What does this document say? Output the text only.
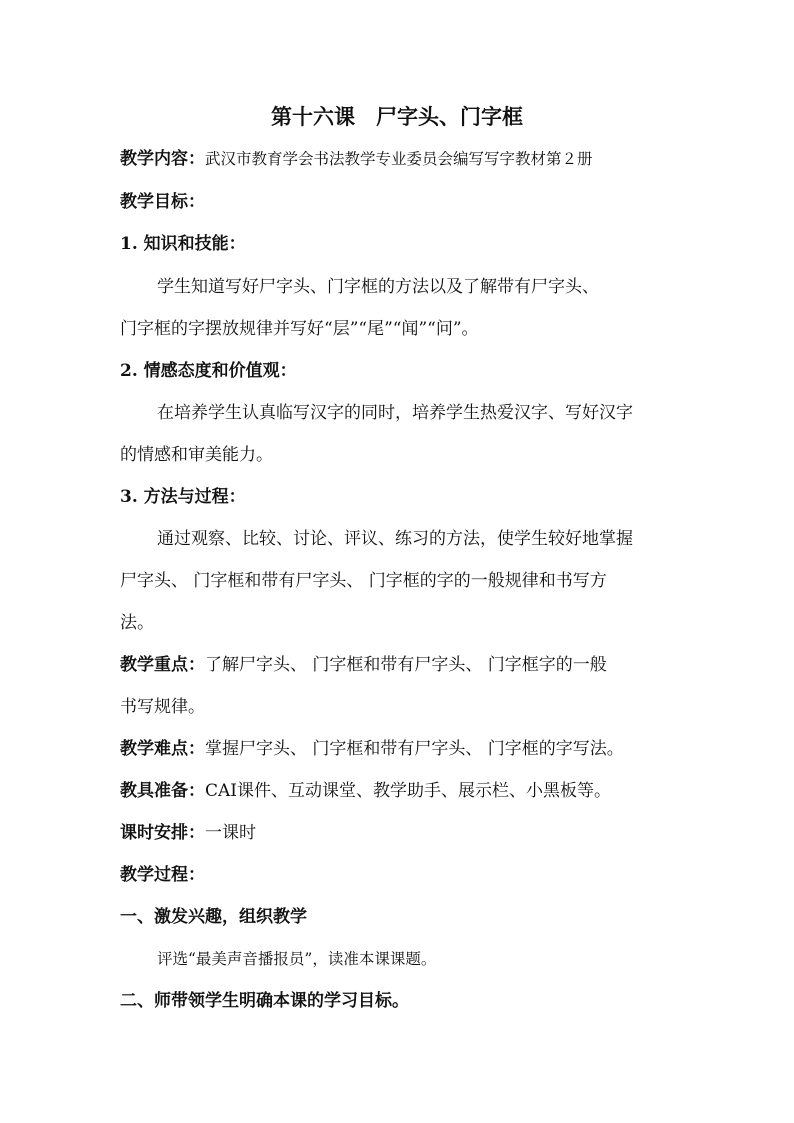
第十六课　尸字头、门字框
教学内容：武汉市教育学会书法教学专业委员会编写写字教材第２册
教学目标：
1. 知识和技能：
学生知道写好尸字头、门字框的方法以及了解带有尸字头、
门字框的字摆放规律并写好“层”“尾”“闻”“问”。
2. 情感态度和价值观：
在培养学生认真临写汉字的同时，培养学生热爱汉字、写好汉字
的情感和审美能力。
3. 方法与过程：
通过观察、比较、讨论、评议、练习的方法，使学生较好地掌握
尸字头、 门字框和带有尸字头、 门字框的字的一般规律和书写方
法。
教学重点：了解尸字头、 门字框和带有尸字头、 门字框字的一般
书写规律。
教学难点：掌握尸字头、 门字框和带有尸字头、 门字框的字写法。
教具准备：CAI课件、互动课堂、教学助手、展示栏、小黑板等。
课时安排：一课时
教学过程：
一、激发兴趣，组织教学
评选“最美声音播报员”，读准本课课题。
二、师带领学生明确本课的学习目标。
